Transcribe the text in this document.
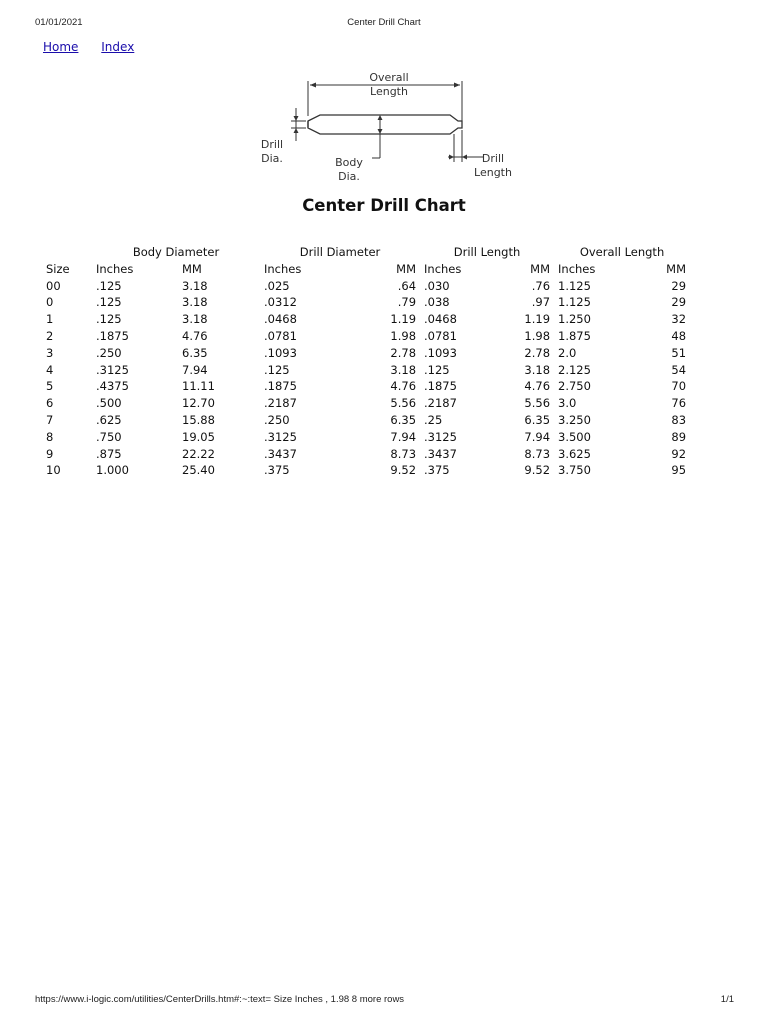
01/01/2021	Center Drill Chart
Home Index
Overall
Length
Drill
Dia.	Body
Dia.
Drill
Length
Center Drill Chart
	Body Diameter		Drill Diameter		Drill Length		Overall Length	
Size	Inches	MM	Inches	MM	Inches	MM	Inches	MM
00	.125	3.18	.025	.64	.030	.76	1.125	29
0	.125	3.18	.0312	.79	.038	.97	1.125	29
1	.125	3.18	.0468	1.19	.0468	1.19	1.250	32
2	.1875	4.76	.0781	1.98	.0781	1.98	1.875	48
3	.250	6.35	.1093	2.78	.1093	2.78	2.0	51
4	.3125	7.94	.125	3.18	.125	3.18	2.125	54
5	.4375	11.11	.1875	4.76	.1875	4.76	2.750	70
6	.500	12.70	.2187	5.56	.2187	5.56	3.0	76
7	.625	15.88	.250	6.35	.25	6.35	3.250	83
8	.750	19.05	.3125	7.94	.3125	7.94	3.500	89
9	.875	22.22	.3437	8.73	.3437	8.73	3.625	92
10	1.000	25.40	.375	9.52	.375	9.52	3.750	95
https://www.i-logic.com/utilities/CenterDrills.htm#:~:text= Size Inches , 1.98 8 more rows	1/1
